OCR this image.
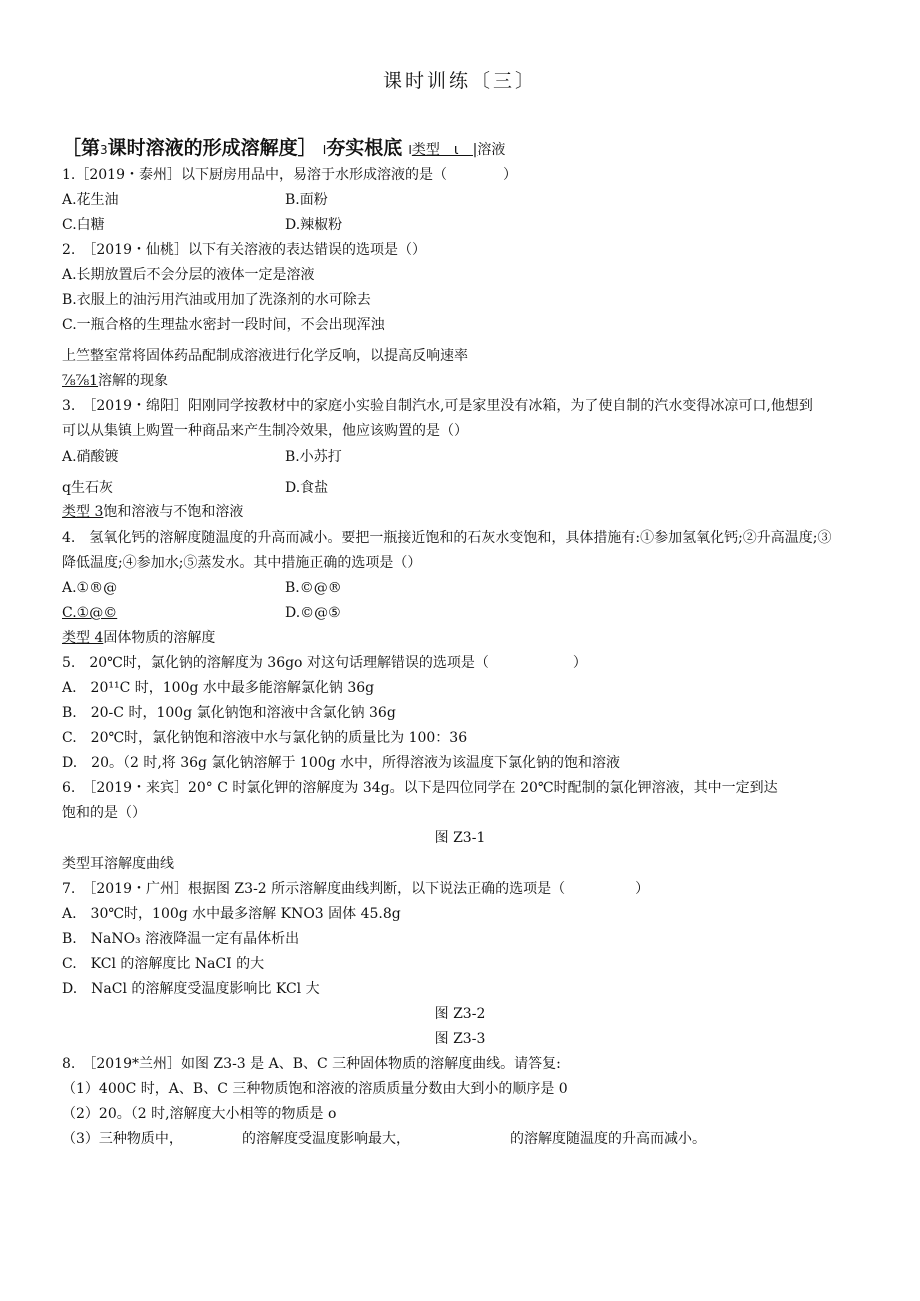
课时训练〔三〕
［第3课时溶液的形成溶解度］ I夯实根底 I类型　ι　|溶液
1.［2019・泰州］以下厨房用品中，易溶于水形成溶液的是（　　　　）
A.花生油	B.面粉
C.白糖	D.辣椒粉
2.　［2019・仙桃］以下有关溶液的表达错误的选项是（）
A.长期放置后不会分层的液体一定是溶液
B.衣服上的油污用汽油或用加了洗涤剂的水可除去
C.一瓶合格的生理盐水密封一段时间，不会出现浑浊
上竺整室常将固体药品配制成溶液进行化学反响，以提高反响速率
⅞⅞1溶解的现象
3.　［2019・绵阳］阳刚同学按教材中的家庭小实验自制汽水,可是家里没有冰箱，为了使自制的汽水变得冰凉可口,他想到
可以从集镇上购置一种商品来产生制冷效果，他应该购置的是（）
A.硝酸镀	B.小苏打
q生石灰	D.食盐
类型 3饱和溶液与不饱和溶液
4.　氢氧化钙的溶解度随温度的升高而减小。要把一瓶接近饱和的石灰水变饱和，具体措施有:①参加氢氧化钙;②升高温度;③
降低温度;④参加水;⑤蒸发水。其中措施正确的选项是（）
A.①®@	B.©@®
C.①@©	D.©@⑤
类型 4固体物质的溶解度
5.　20℃时，氯化钠的溶解度为 36go 对这句话理解错误的选项是（　　　　　　）
A.　20¹¹C 时，100g 水中最多能溶解氯化钠 36g
B.　20-C 时，100g 氯化钠饱和溶液中含氯化钠 36g
C.　20℃时，氯化钠饱和溶液中水与氯化钠的质量比为 100：36
D.　20。（2 时,将 36g 氯化钠溶解于 100g 水中，所得溶液为该温度下氯化钠的饱和溶液
6.　［2019・来宾］20° C 时氯化钾的溶解度为 34g。以下是四位同学在 20℃时配制的氯化钾溶液，其中一定到达
饱和的是（）
图 Z3-1
类型耳溶解度曲线
7.　［2019・广州］根据图 Z3-2 所示溶解度曲线判断，以下说法正确的选项是（　　　　　）
A.　30℃时，100g 水中最多溶解 KNO3 固体 45.8g
B.　NaNO₃ 溶液降温一定有晶体析出
C.　KCl 的溶解度比 NaCI 的大
D.　NaCl 的溶解度受温度影响比 KCl 大
图 Z3-2
图 Z3-3
8.　［2019*兰州］如图 Z3-3 是 A、B、C 三种固体物质的溶解度曲线。请答复:
（1）400C 时，A、B、C 三种物质饱和溶液的溶质质量分数由大到小的顺序是 0
（2）20。（2 时,溶解度大小相等的物质是 o
（3）三种物质中，	的溶解度受温度影响最大，	的溶解度随温度的升高而减小。
